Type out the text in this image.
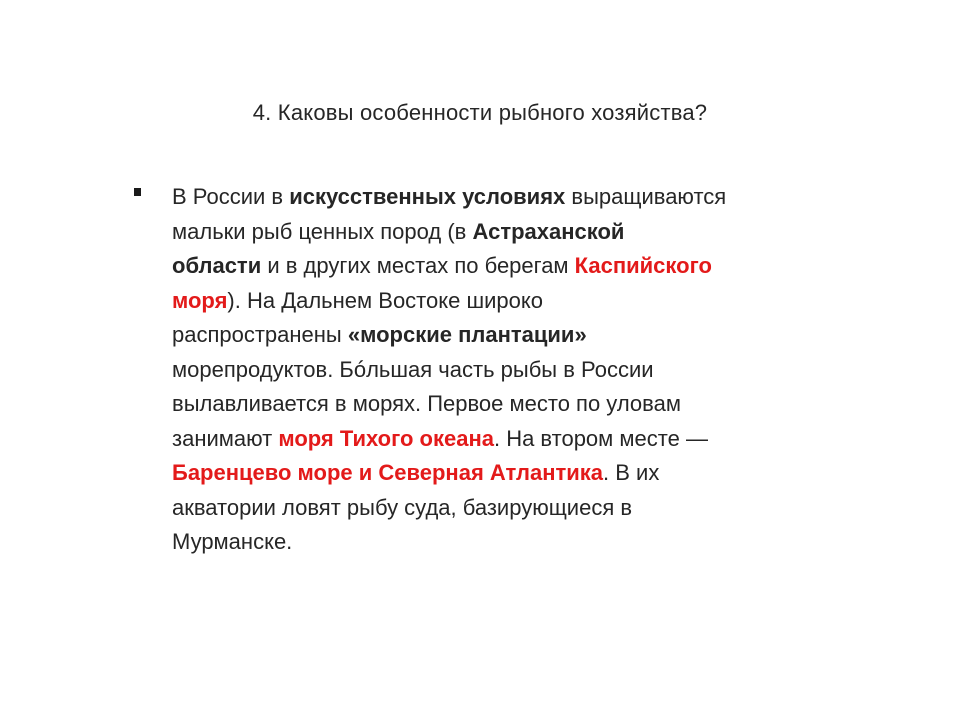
4. Каковы особенности рыбного хозяйства?
В России в искусственных условиях выращиваются
мальки рыб ценных пород (в Астраханской
области и в других местах по берегам Каспийского
моря). На Дальнем Востоке широко
распространены «морские плантации»
морепродуктов. Бóльшая часть рыбы в России
вылавливается в морях. Первое место по уловам
занимают моря Тихого океана. На втором месте —
Баренцево море и Северная Атлантика. В их
акватории ловят рыбу суда, базирующиеся в
Мурманске.
